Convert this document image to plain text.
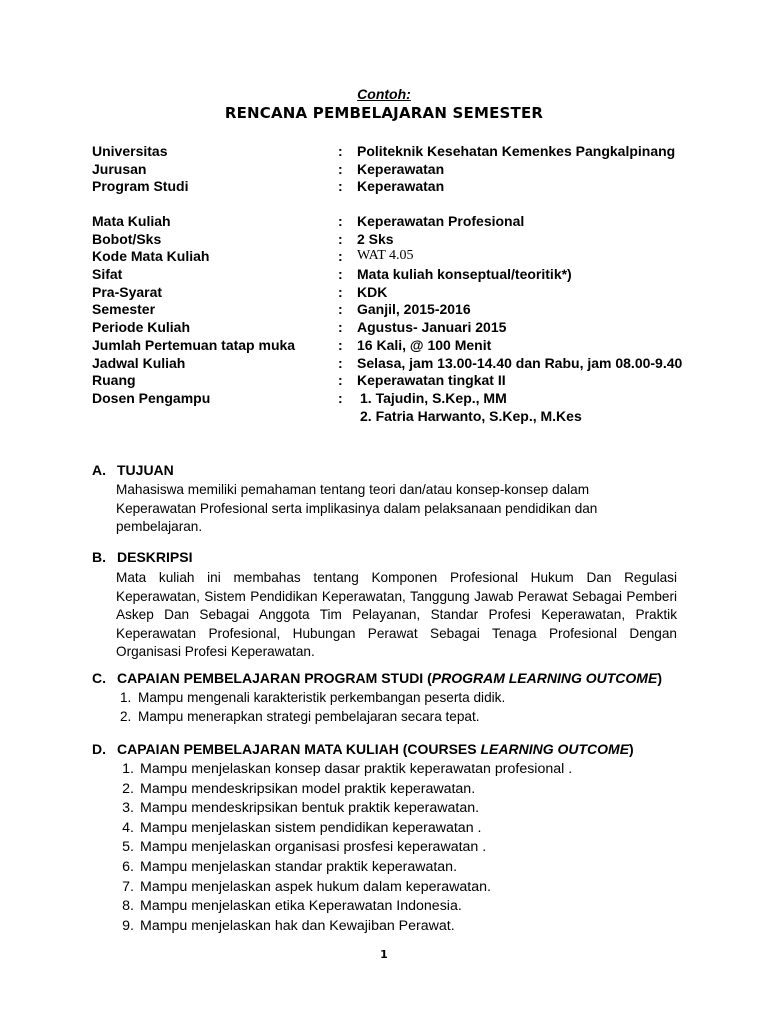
Contoh:
RENCANA PEMBELAJARAN SEMESTER
Universitas	: Politeknik Kesehatan Kemenkes Pangkalpinang
Jurusan	: Keperawatan
Program Studi	: Keperawatan
Mata Kuliah	: Keperawatan Profesional
Bobot/Sks	: 2 Sks
Kode Mata Kuliah	: WAT 4.05
Sifat	: Mata kuliah konseptual/teoritik*)
Pra-Syarat	: KDK
Semester	: Ganjil, 2015-2016
Periode Kuliah	: Agustus- Januari 2015
Jumlah Pertemuan tatap muka	: 16 Kali, @ 100 Menit
Jadwal Kuliah	: Selasa, jam 13.00-14.40 dan Rabu, jam 08.00-9.40
Ruang	: Keperawatan tingkat II
Dosen Pengampu	: 1. Tajudin, S.Kep., MM
2. Fatria Harwanto, S.Kep., M.Kes
A. TUJUAN
Mahasiswa memiliki pemahaman tentang teori dan/atau konsep-konsep dalam
Keperawatan Profesional serta implikasinya dalam pelaksanaan pendidikan dan
pembelajaran.
B. DESKRIPSI
Mata kuliah ini membahas tentang Komponen Profesional Hukum Dan Regulasi Keperawatan, Sistem Pendidikan Keperawatan, Tanggung Jawab Perawat Sebagai Pemberi Askep Dan Sebagai Anggota Tim Pelayanan, Standar Profesi Keperawatan, Praktik Keperawatan Profesional, Hubungan Perawat Sebagai Tenaga Profesional Dengan Organisasi Profesi Keperawatan.
C. CAPAIAN PEMBELAJARAN PROGRAM STUDI (PROGRAM LEARNING OUTCOME)
1. Mampu mengenali karakteristik perkembangan peserta didik.
2. Mampu menerapkan strategi pembelajaran secara tepat.
D. CAPAIAN PEMBELAJARAN MATA KULIAH (COURSES LEARNING OUTCOME)
1. Mampu menjelaskan konsep dasar praktik keperawatan profesional .
2. Mampu mendeskripsikan model praktik keperawatan.
3. Mampu mendeskripsikan bentuk praktik keperawatan.
4. Mampu menjelaskan sistem pendidikan keperawatan .
5. Mampu menjelaskan organisasi prosfesi keperawatan .
6. Mampu menjelaskan standar praktik keperawatan.
7. Mampu menjelaskan aspek hukum dalam keperawatan.
8. Mampu menjelaskan etika Keperawatan Indonesia.
9. Mampu menjelaskan hak dan Kewajiban Perawat.
1
